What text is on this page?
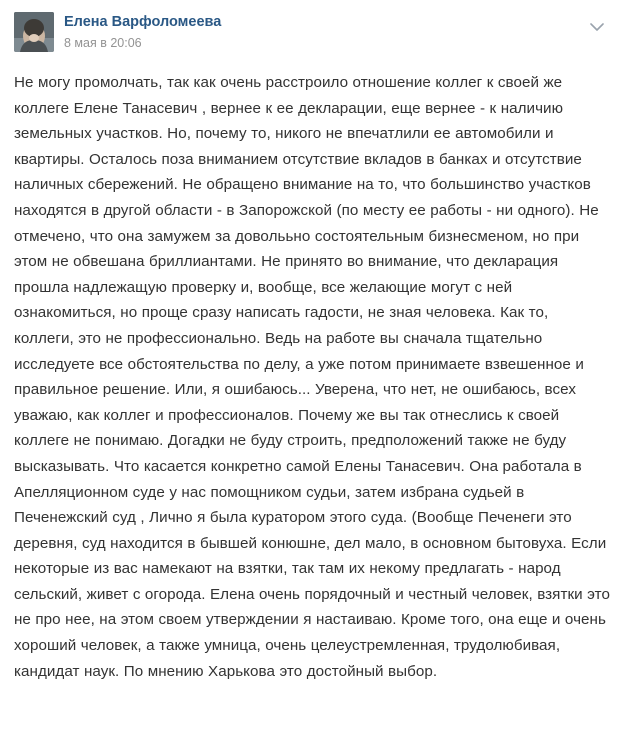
Елена Варфоломеева
8 мая в 20:06

Не могу промолчать, так как очень расстроило отношение коллег к своей же коллеге Елене Танасевич , вернее к ее декларации, еще вернее - к наличию земельных участков. Но, почему то, никого не впечатлили ее автомобили и квартиры. Осталось поза вниманием отсутствие вкладов в банках и отсутствие наличных сбережений. Не обращено внимание на то, что большинство участков находятся в другой области - в Запорожской (по месту ее работы - ни одного). Не отмечено, что она замужем за доволььно состоятельным бизнесменом, но при этом не обвешана бриллиантами. Не принято во внимание, что декларация прошла надлежащую проверку и, вообще, все желающие могут с ней ознакомиться, но проще сразу написать гадости, не зная человека. Как то, коллеги, это не профессионально. Ведь на работе вы сначала тщательно исследуете все обстоятельства по делу, а уже потом принимаете взвешенное и правильное решение. Или, я ошибаюсь... Уверена, что нет, не ошибаюсь, всех уважаю, как коллег и профессионалов. Почему же вы так отнеслись к своей коллеге не понимаю. Догадки не буду строить, предположений также не буду высказывать. Что касается конкретно самой Елены Танасевич. Она работала в Апелляционном суде у нас помощником судьи, затем избрана судьей в Печенежский суд , Лично я была куратором этого суда. (Вообще Печенеги это деревня, суд находится в бывшей конюшне, дел мало, в основном бытовуха. Если некоторые из вас намекают на взятки, так там их некому предлагать - народ сельский, живет с огорода. Елена очень порядочный и честный человек, взятки это не про нее, на этом своем утверждении я настаиваю. Кроме того, она еще и очень хороший человек, а также умница, очень целеустремленная, трудолюбивая, кандидат наук. По мнению Харькова это достойный выбор.
